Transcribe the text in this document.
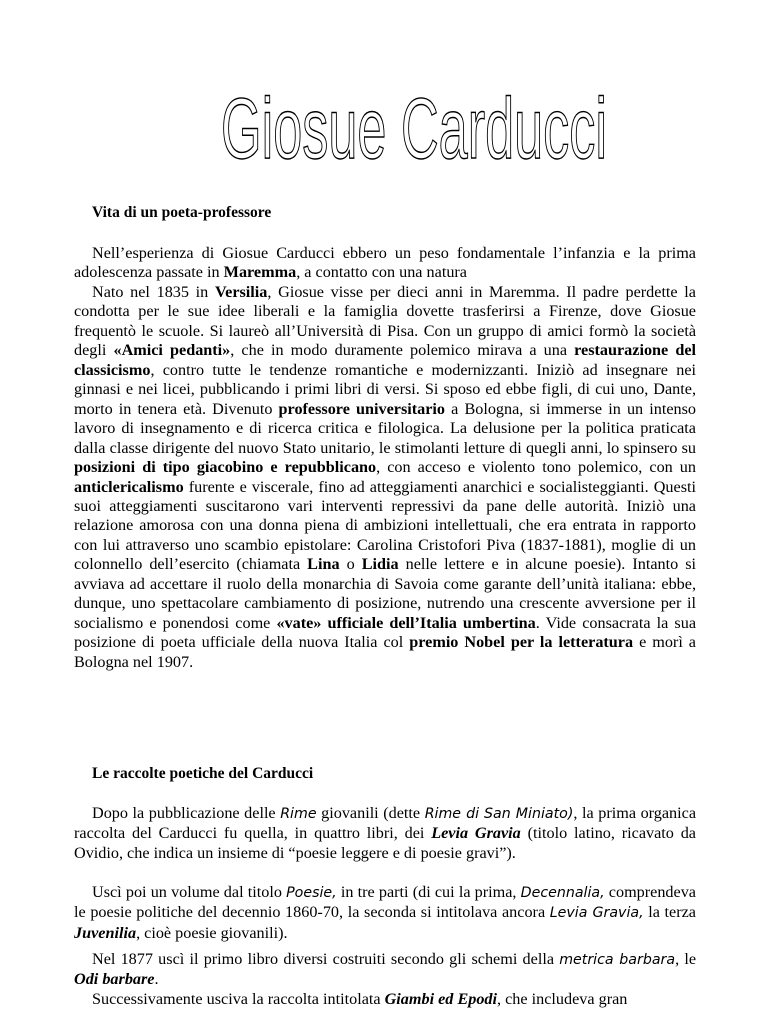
Giosue Carducci
Vita di un poeta-professore

Nell’esperienza di Giosue Carducci ebbero un peso fondamentale l’infanzia e la prima adolescenza passate in Maremma, a contatto con una natura

Nato nel 1835 in Versilia, Giosue visse per dieci anni in Maremma. Il padre perdette la condotta per le sue idee liberali e la famiglia dovette trasferirsi a Firenze, dove Giosue frequentò le scuole. Si laureò all’Università di Pisa. Con un gruppo di amici formò la società degli «Amici pedanti», che in modo duramente polemico mirava a una restaurazione del classicismo, contro tutte le tendenze romantiche e modernizzanti. Iniziò ad insegnare nei ginnasi e nei licei, pubblicando i primi libri di versi. Si sposo ed ebbe figli, di cui uno, Dante, morto in tenera età. Divenuto professore universitario a Bologna, si immerse in un intenso lavoro di insegnamento e di ricerca critica e filologica. La delusione per la politica praticata dalla classe dirigente del nuovo Stato unitario, le stimolanti letture di quegli anni, lo spinsero su posizioni di tipo giacobino e repubblicano, con acceso e violento tono polemico, con un anticlericalismo furente e viscerale, fino ad atteggiamenti anarchici e socialisteggianti. Questi suoi atteggiamenti suscitarono vari interventi repressivi da pane delle autorità. Iniziò una relazione amorosa con una donna piena di ambizioni intellettuali, che era entrata in rapporto con lui attraverso uno scambio epistolare: Carolina Cristofori Piva (1837-1881), moglie di un colonnello dell’esercito (chiamata Lina o Lidia nelle lettere e in alcune poesie). Intanto si avviava ad accettare il ruolo della monarchia di Savoia come garante dell’unità italiana: ebbe, dunque, uno spettacolare cambiamento di posizione, nutrendo una crescente avversione per il socialismo e ponendosi come «vate» ufficiale dell’Italia umbertina. Vide consacrata la sua posizione di poeta ufficiale della nuova Italia col premio Nobel per la letteratura e morì a Bologna nel 1907.

Le raccolte poetiche del Carducci

Dopo la pubblicazione delle Rime giovanili (dette Rime di San Miniato), la prima organica raccolta del Carducci fu quella, in quattro libri, dei Levia Gravia (titolo latino, ricavato da Ovidio, che indica un insieme di “poesie leggere e di poesie gravi”).

Uscì poi un volume dal titolo Poesie, in tre parti (di cui la prima, Decennalia, comprendeva le poesie politiche del decennio 1860-70, la seconda si intitolava ancora Levia Gravia, la terza Juvenilia, cioè poesie giovanili).

Nel 1877 uscì il primo libro diversi costruiti secondo gli schemi della metrica barbara, le Odi barbare.

Successivamente usciva la raccolta intitolata Giambi ed Epodi, che includeva gran
